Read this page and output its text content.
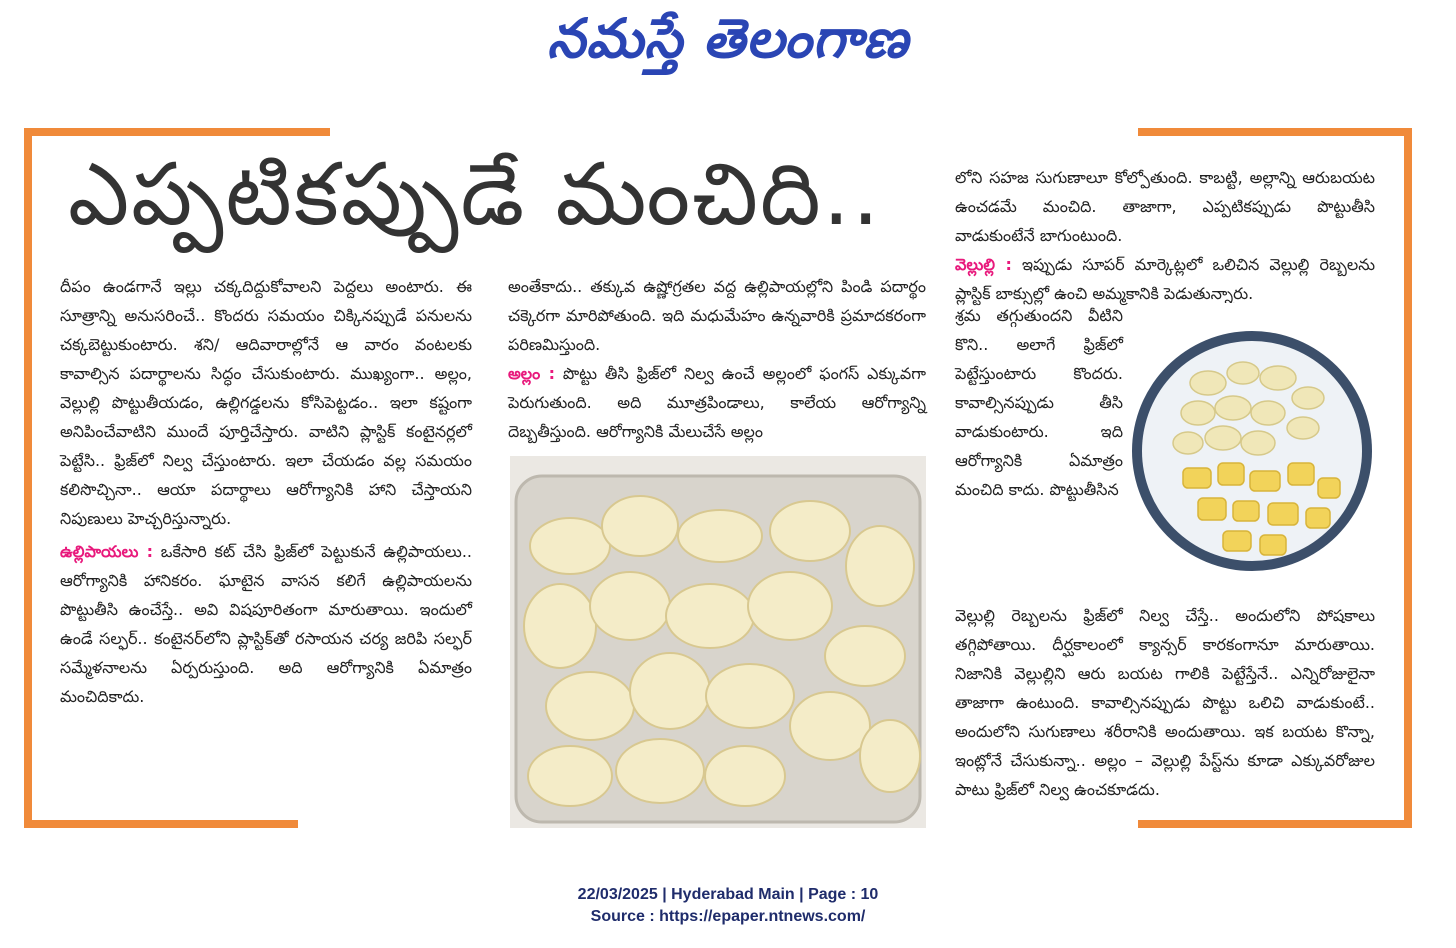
నమస్తే తెలంగాణ
ఎప్పటికప్పుడే మంచిది..

దీపం ఉండగానే ఇల్లు చక్కదిద్దుకోవాలని పెద్దలు అంటారు. ఈ సూత్రాన్ని అనుసరించే.. కొందరు సమయం చిక్కినప్పుడే పనులను చక్కబెట్టుకుంటారు. శని/ ఆదివారాల్లోనే ఆ వారం వంటలకు కావాల్సిన పదార్థాలను సిద్ధం చేసుకుంటారు. ముఖ్యంగా.. అల్లం, వెల్లుల్లి పొట్టుతీయడం, ఉల్లిగడ్డలను కోసిపెట్టడం.. ఇలా కష్టంగా అనిపించేవాటిని ముందే పూర్తిచేస్తారు. వాటిని ప్లాస్టిక్ కంటైనర్లలో పెట్టేసి.. ఫ్రిజ్‌లో నిల్వ చేస్తుంటారు. ఇలా చేయడం వల్ల సమయం కలిసొచ్చినా.. ఆయా పదార్థాలు ఆరోగ్యానికి హాని చేస్తాయని నిపుణులు హెచ్చరిస్తున్నారు.

ఉల్లిపాయలు : ఒకేసారి కట్ చేసి ఫ్రిజ్‌లో పెట్టుకునే ఉల్లిపాయలు.. ఆరోగ్యానికి హానికరం. ఘాటైన వాసన కలిగే ఉల్లిపాయలను పొట్టుతీసి ఉంచేస్తే.. అవి విషపూరితంగా మారుతాయి. ఇందులో ఉండే సల్ఫర్.. కంటైనర్‌లోని ప్లాస్టిక్‌తో రసాయన చర్య జరిపి సల్ఫర్ సమ్మేళనాలను ఏర్పరుస్తుంది. అది ఆరోగ్యానికి ఏమాత్రం మంచిదికాదు.

అంతేకాదు.. తక్కువ ఉష్ణోగ్రతల వద్ద ఉల్లిపాయల్లోని పిండి పదార్థం చక్కెరగా మారిపోతుంది. ఇది మధుమేహం ఉన్నవారికి ప్రమాదకరంగా పరిణమిస్తుంది.

అల్లం : పొట్టు తీసి ఫ్రిజ్‌లో నిల్వ ఉంచే అల్లంలో ఫంగస్ ఎక్కువగా పెరుగుతుంది. అది మూత్రపిండాలు, కాలేయ ఆరోగ్యాన్ని దెబ్బతీస్తుంది. ఆరోగ్యానికి మేలుచేసే అల్లం

లోని సహజ సుగుణాలూ కోల్పోతుంది. కాబట్టి, అల్లాన్ని ఆరుబయట ఉంచడమే మంచిది. తాజాగా, ఎప్పటికప్పుడు పొట్టుతీసి వాడుకుంటేనే బాగుంటుంది.

వెల్లుల్లి : ఇప్పుడు సూపర్ మార్కెట్లలో ఒలిచిన వెల్లుల్లి రెబ్బలను ప్లాస్టిక్ బాక్సుల్లో ఉంచి అమ్మకానికి పెడుతున్నారు.

శ్రమ తగ్గుతుందని వీటిని కొని.. అలాగే ఫ్రిజ్‌లో పెట్టేస్తుంటారు కొందరు. కావాల్సినప్పుడు తీసి వాడుకుంటారు. ఇది ఆరోగ్యానికి ఏమాత్రం మంచిది కాదు. పొట్టుతీసిన

వెల్లుల్లి రెబ్బలను ఫ్రిజ్‌లో నిల్వ చేస్తే.. అందులోని పోషకాలు తగ్గిపోతాయి. దీర్ఘకాలంలో క్యాన్సర్ కారకంగానూ మారుతాయి. నిజానికి వెల్లుల్లిని ఆరు బయట గాలికి పెట్టేస్తేనే.. ఎన్నిరోజులైనా తాజాగా ఉంటుంది. కావాల్సినప్పుడు పొట్టు ఒలిచి వాడుకుంటే.. అందులోని సుగుణాలు శరీరానికి అందుతాయి. ఇక బయట కొన్నా, ఇంట్లోనే చేసుకున్నా.. అల్లం – వెల్లుల్లి పేస్ట్‌ను కూడా ఎక్కువరోజుల పాటు ఫ్రిజ్‌లో నిల్వ ఉంచకూడదు.

22/03/2025 | Hyderabad Main | Page : 10
Source : https://epaper.ntnews.com/
